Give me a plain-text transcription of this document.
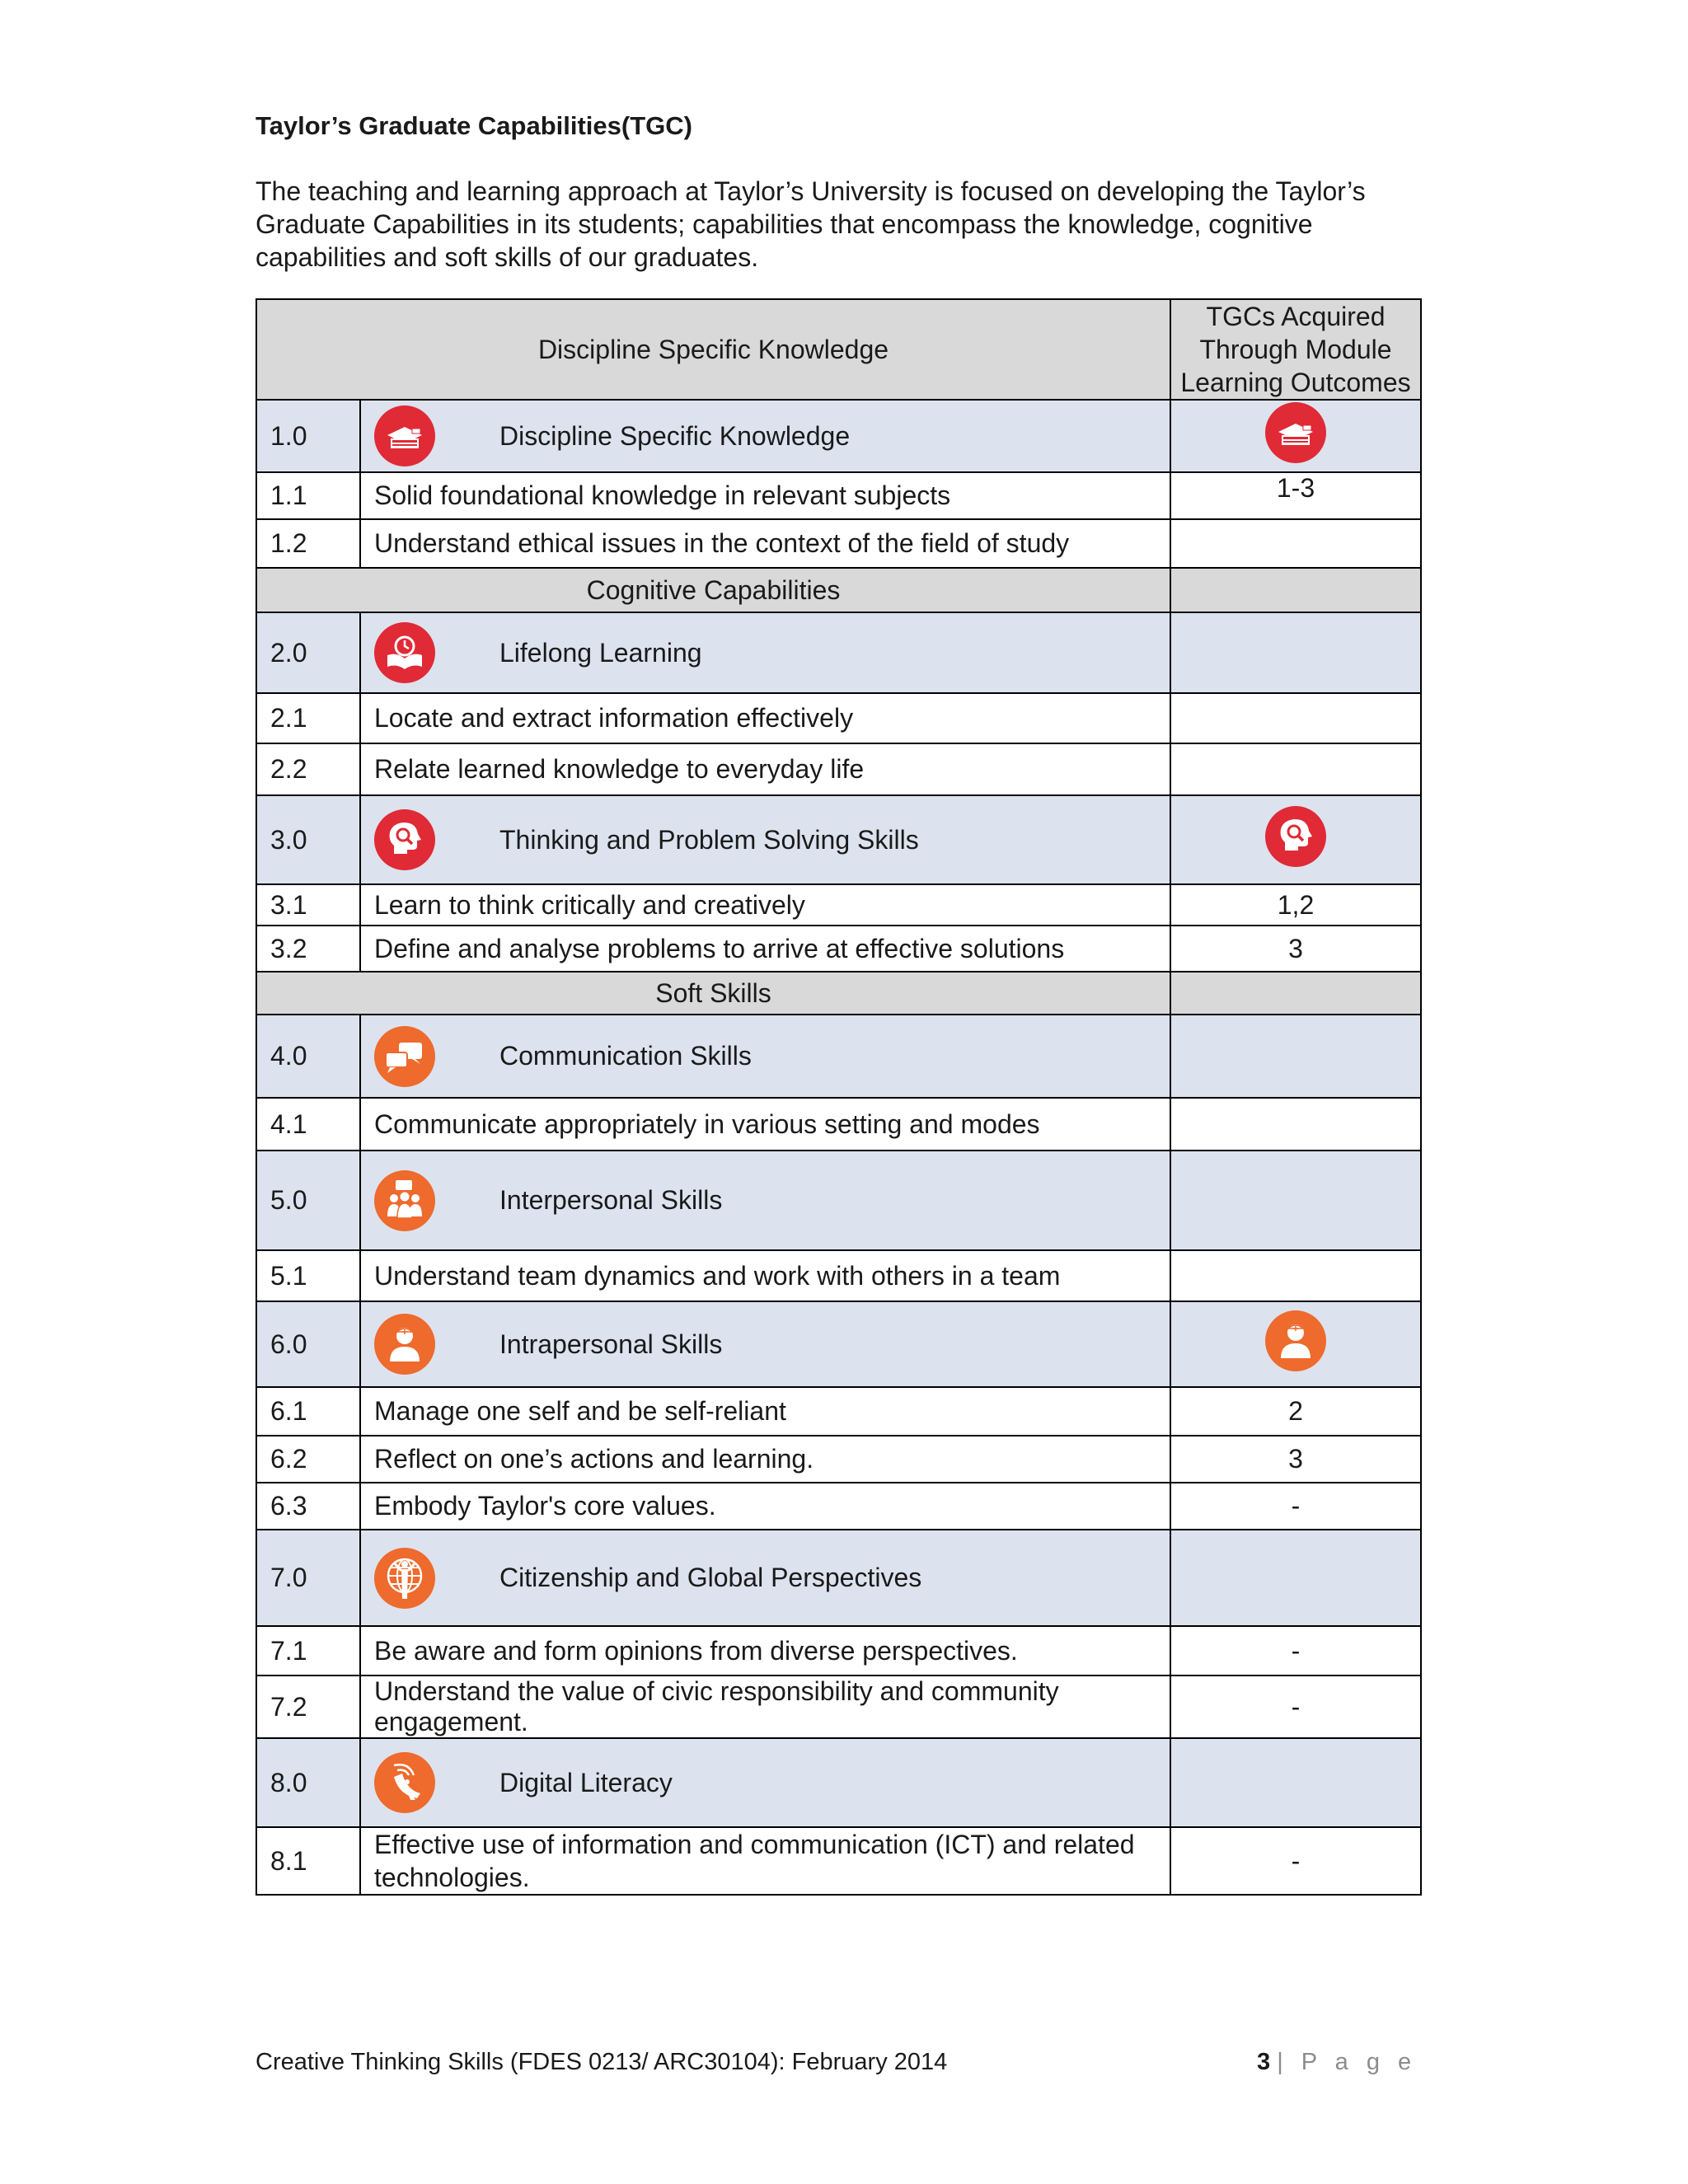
Taylor’s Graduate Capabilities(TGC)
The teaching and learning approach at Taylor’s University is focused on developing the Taylor’s Graduate Capabilities in its students; capabilities that encompass the knowledge, cognitive capabilities and soft skills of our graduates.
Discipline Specific Knowledge		TGCs Acquired Through Module Learning Outcomes
1.0	Discipline Specific Knowledge

1.1	Solid foundational knowledge in relevant subjects	1-3
1.2	Understand ethical issues in the context of the field of study	
Cognitive Capabilities		
2.0	Lifelong Learning	

2.1	Locate and extract information effectively	
2.2	Relate learned knowledge to everyday life	
3.0	Thinking and Problem Solving Skills

3.1	Learn to think critically and creatively	1,2
3.2	Define and analyse problems to arrive at effective solutions	3
Soft Skills		
4.0	Communication Skills	

4.1	Communicate appropriately in various setting and modes	
5.0	Interpersonal Skills	

5.1	Understand team dynamics and work with others in a team	
6.0	Intrapersonal Skills

6.1	Manage one self and be self-reliant	2
6.2	Reflect on one’s actions and learning.	3
6.3	Embody Taylor's core values.	-
7.0	Citizenship and Global Perspectives	

7.1	Be aware and form opinions from diverse perspectives.	-
7.2	Understand the value of civic responsibility and community engagement.	-
8.0	Digital Literacy	

8.1	Effective use of information and communication (ICT) and related technologies.	-
Creative Thinking Skills (FDES 0213/ ARC30104): February 2014	3 | P a g e
